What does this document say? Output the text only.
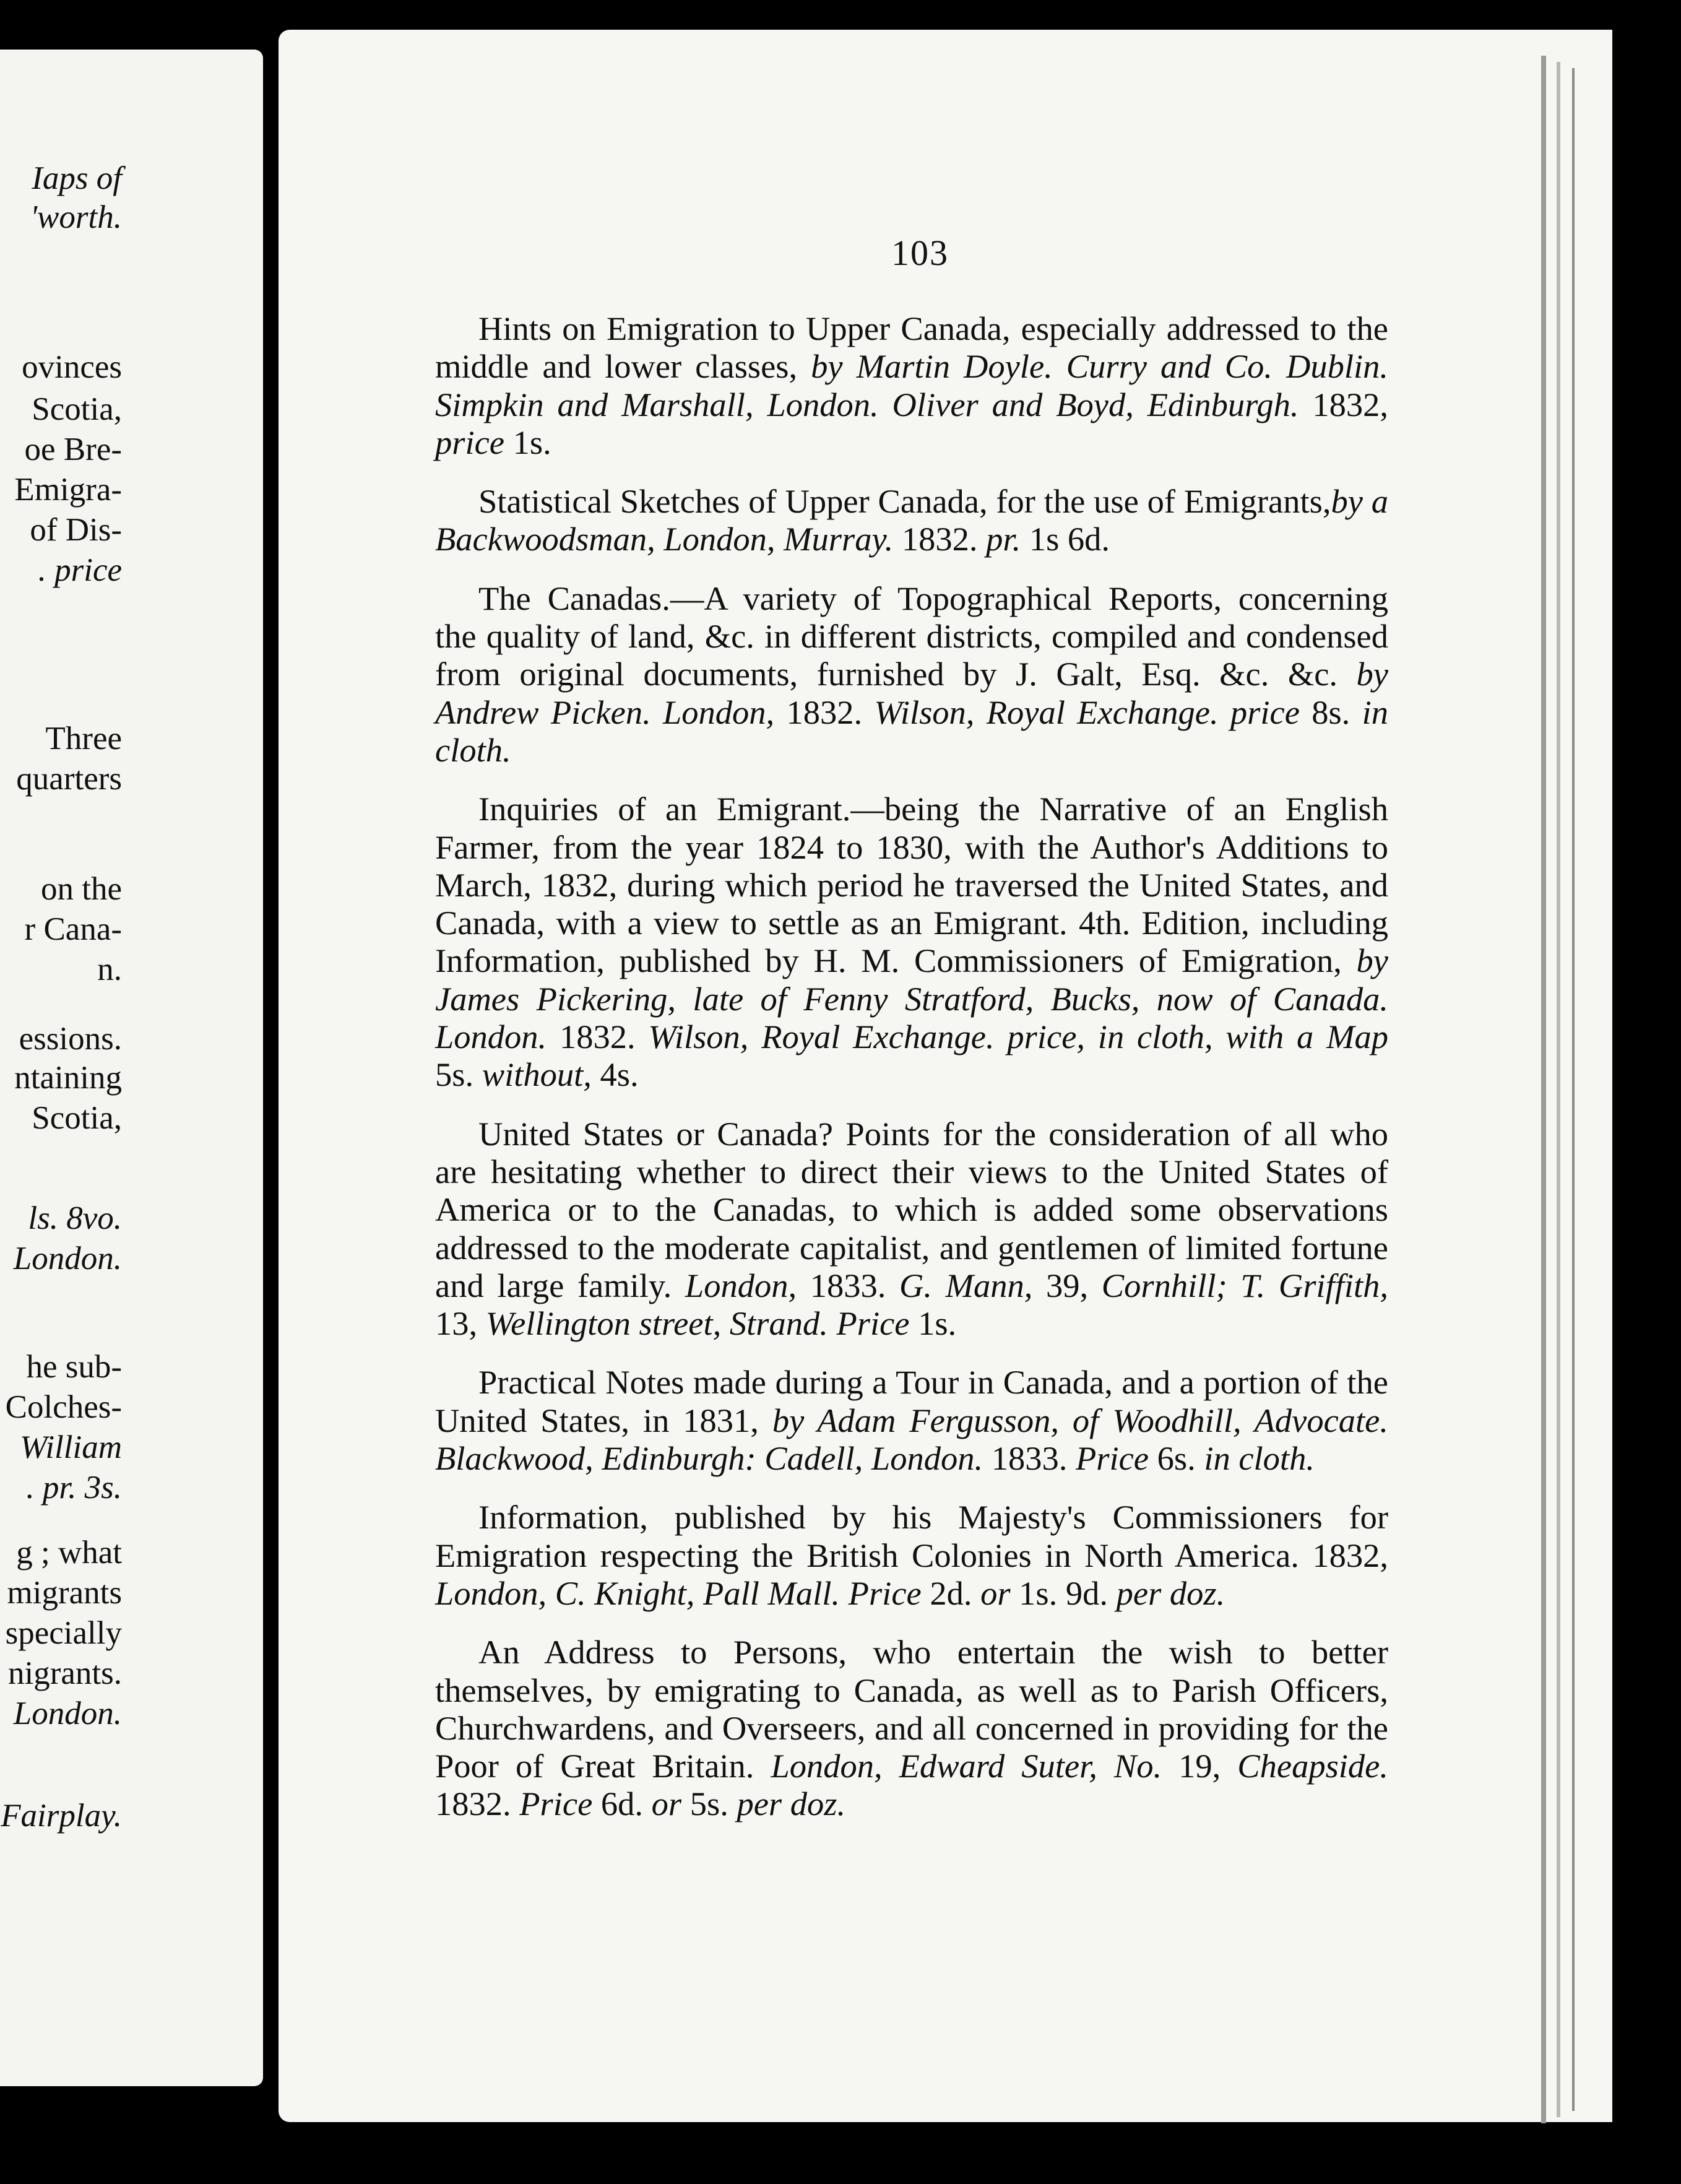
Iaps of
'worth.
ovinces
Scotia,
oe Bre-
Emigra-
of Dis-
. price
Three
quarters
on the
r Cana-
n.
essions.
ntaining
Scotia,
ls. 8vo.
London.
he sub-
Colches-
William
. pr. 3s.
g ; what
migrants
specially
nigrants.
London.
Fairplay.
103

Hints on Emigration to Upper Canada, especially addressed to the middle and lower classes, by Martin Doyle. Curry and Co. Dublin. Simpkin and Marshall, London. Oliver and Boyd, Edinburgh. 1832, price 1s.

Statistical Sketches of Upper Canada, for the use of Emigrants,by a Backwoodsman, London, Murray. 1832. pr. 1s 6d.

The Canadas.—A variety of Topographical Reports, concerning the quality of land, &c. in different districts, compiled and condensed from original documents, furnished by J. Galt, Esq. &c. &c. by Andrew Picken. London, 1832. Wilson, Royal Exchange. price 8s. in cloth.

Inquiries of an Emigrant.—being the Narrative of an English Farmer, from the year 1824 to 1830, with the Author's Additions to March, 1832, during which period he traversed the United States, and Canada, with a view to settle as an Emigrant. 4th. Edition, including Information, published by H. M. Commissioners of Emigration, by James Pickering, late of Fenny Stratford, Bucks, now of Canada. London. 1832. Wilson, Royal Exchange. price, in cloth, with a Map 5s. without, 4s.

United States or Canada? Points for the consideration of all who are hesitating whether to direct their views to the United States of America or to the Canadas, to which is added some observations addressed to the moderate capitalist, and gentlemen of limited fortune and large family. London, 1833. G. Mann, 39, Cornhill; T. Griffith, 13, Wellington street, Strand. Price 1s.

Practical Notes made during a Tour in Canada, and a portion of the United States, in 1831, by Adam Fergusson, of Woodhill, Advocate. Blackwood, Edinburgh: Cadell, London. 1833. Price 6s. in cloth.

Information, published by his Majesty's Commissioners for Emigration respecting the British Colonies in North America. 1832, London, C. Knight, Pall Mall. Price 2d. or 1s. 9d. per doz.

An Address to Persons, who entertain the wish to better themselves, by emigrating to Canada, as well as to Parish Officers, Churchwardens, and Overseers, and all concerned in providing for the Poor of Great Britain. London, Edward Suter, No. 19, Cheapside. 1832. Price 6d. or 5s. per doz.
